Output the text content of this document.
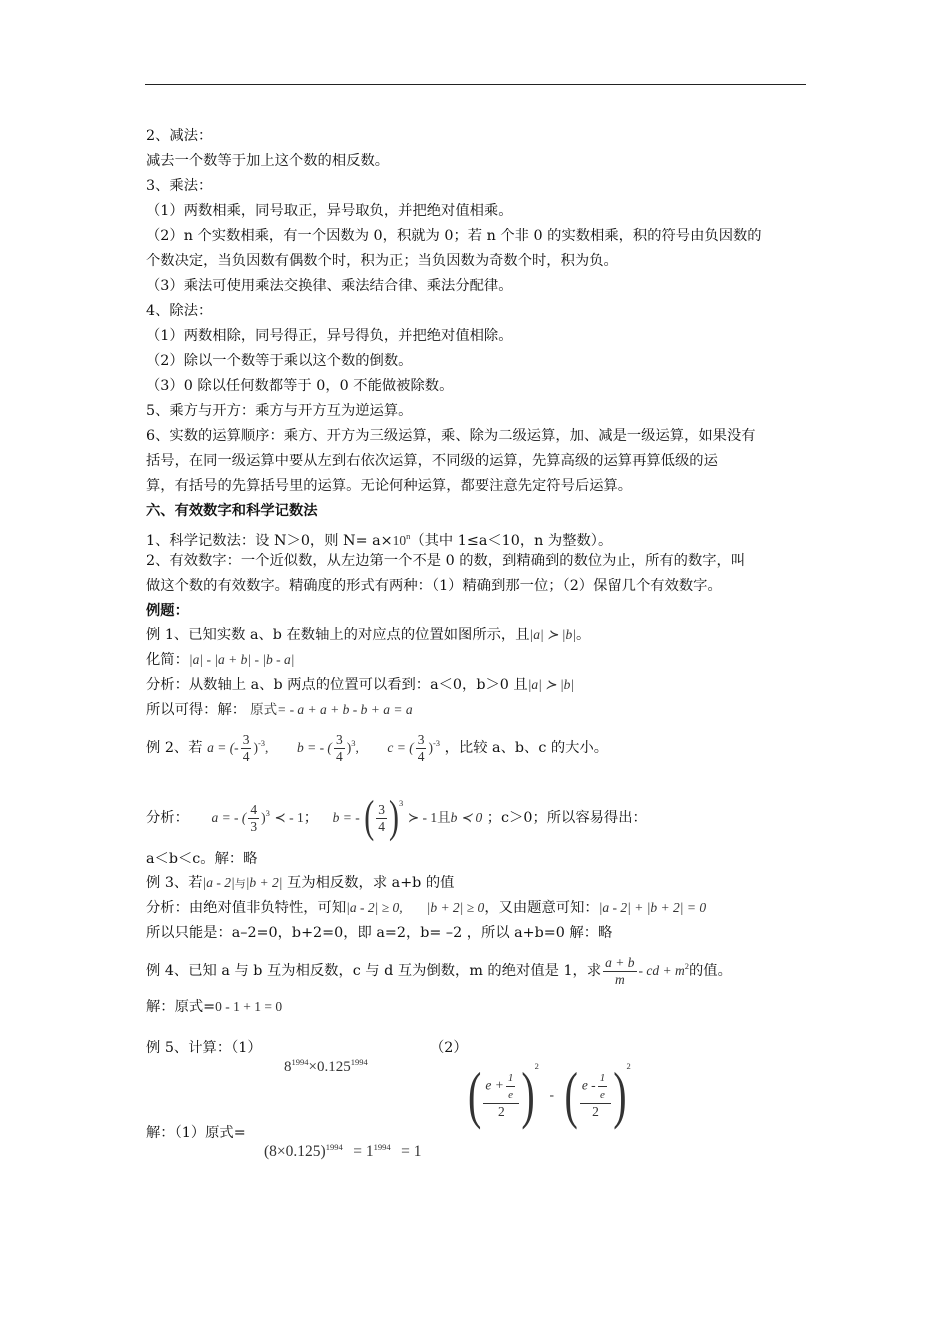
2、减法：
减去一个数等于加上这个数的相反数。
3、乘法：
（1）两数相乘，同号取正，异号取负，并把绝对值相乘。
（2）n 个实数相乘，有一个因数为 0，积就为 0；若 n 个非 0 的实数相乘，积的符号由负因数的
个数决定，当负因数有偶数个时，积为正；当负因数为奇数个时，积为负。
（3）乘法可使用乘法交换律、乘法结合律、乘法分配律。
4、除法：
（1）两数相除，同号得正，异号得负，并把绝对值相除。
（2）除以一个数等于乘以这个数的倒数。
（3）0 除以任何数都等于 0，0 不能做被除数。
5、乘方与开方：乘方与开方互为逆运算。
6、实数的运算顺序：乘方、开方为三级运算，乘、除为二级运算，加、减是一级运算，如果没有
括号，在同一级运算中要从左到右依次运算，不同级的运算，先算高级的运算再算低级的运
算，有括号的先算括号里的运算。无论何种运算，都要注意先定符号后运算。
六、有效数字和科学记数法
1、科学记数法：设 N＞0，则 $N= a\times 10^n$（其中 1≤a＜10，n 为整数）。
2、有效数字：一个近似数，从左边第一个不是 0 的数，到精确到的数位为止，所有的数字，叫
做这个数的有效数字。精确度的形式有两种：（1）精确到那一位；（2）保留几个有效数字。
例题：
例 1、已知实数 a、b 在数轴上的对应点的位置如图所示，且|a| ≻ |b|。
化简：|a| - |a + b| - |b - a|
分析：从数轴上 a、b 两点的位置可以看到：a＜0，b＞0 且|a| ≻ |b|
所以可得：解： 原式= - a + a + b - b + a = a
例 2、若 a = (- $\frac{3}{4} )^{-3}$, b = - ( $\frac{3}{4} )^3$, c = ( $\frac{3}{4} )^{-3}$ ，比较 a、b、c 的大小。
分析： a = - ( $\frac{4}{3} )^3$ ≺ - 1； b = - ( $\frac{3}{4} )^3$ ≻ - 1且b ≺ 0 ；c＞0；所以容易得出：
a＜b＜c。解：略
例 3、若|a - 2|与|b + 2| 互为相反数，求 a+b 的值
分析：由绝对值非负特性，可知|a - 2| ≥ 0, |b + 2| ≥ 0，又由题意可知：|a - 2| + |b + 2| = 0
所以只能是：a–2=0，b+2=0，即 a=2，b= –2 ，所以 a+b=0 解：略
例 4、已知 a 与 b 互为相反数，c 与 d 互为倒数，m 的绝对值是 1，求 $\frac{a + b}{m}$ - cd + $m^2$的值。
解：原式=0 - 1 + 1 = 0
例 5、计算：（1）
$8^{1994}\times 0.125^{1994}$
（2）
( $\frac{e + \frac{1}{e}}{2} )^2$ - ( $\frac{e - \frac{1}{e}}{2} )^2$
解：（1）原式=
$(8\times 0.125)^{1994} = 1^{1994} = 1$
